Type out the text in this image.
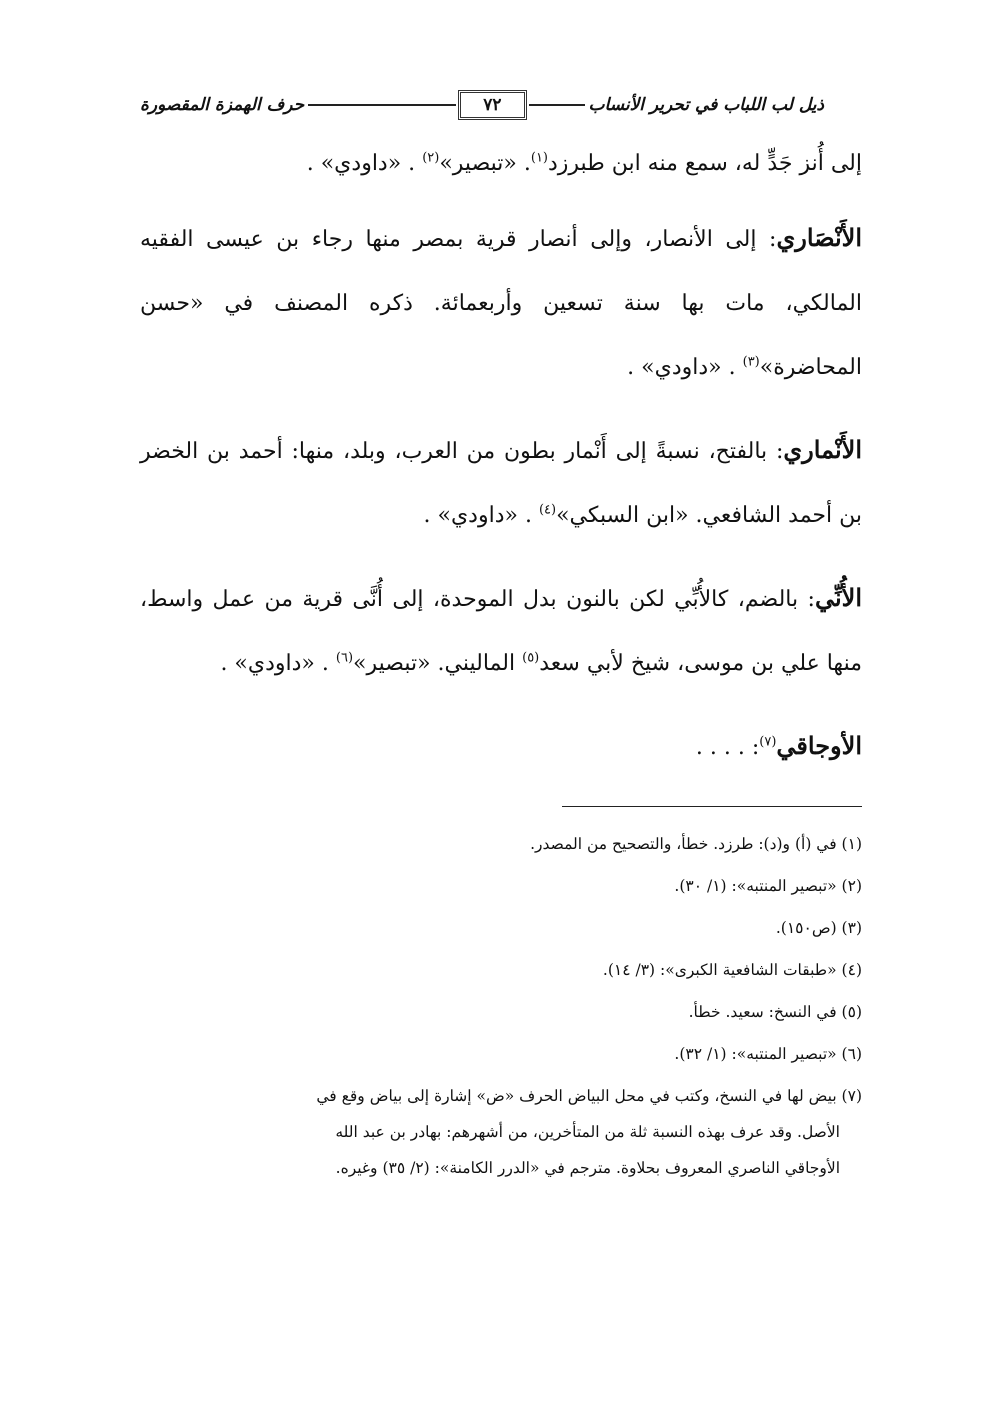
ذيل لب اللباب في تحرير الأنساب
٧٢
حرف الهمزة المقصورة

إلى أُنز جَدٍّ له، سمع منه ابن طبرزد$^{(١)}$. «تبصير»$^{(٢)}$ . «داودي» .

الأَنْصَاري: إلى الأنصار، وإلى أنصار قرية بمصر منها رجاء بن عيسى الفقيه المالكي، مات بها سنة تسعين وأربعمائة. ذكره المصنف في «حسن المحاضرة»$^{(٣)}$ . «داودي» .

الأَنْماري: بالفتح، نسبةً إلى أَنْمار بطون من العرب، وبلد، منها: أحمد بن الخضر بن أحمد الشافعي. «ابن السبكي»$^{(٤)}$ . «داودي» .

الأُنِّي: بالضم، كالأُبِّي لكن بالنون بدل الموحدة، إلى أُنَّى قرية من عمل واسط، منها علي بن موسى، شيخ لأبي سعد$^{(٥)}$ الماليني. «تبصير»$^{(٦)}$ . «داودي» .

الأوجاقي$^{(٧)}$: . . . .

(١) في (أ) و(د): طرزد. خطأ، والتصحيح من المصدر.

(٢) «تبصير المنتبه»: (١/ ٣٠).

(٣) (ص١٥٠).

(٤) «طبقات الشافعية الكبرى»: (٣/ ١٤).

(٥) في النسخ: سعيد. خطأ.

(٦) «تبصير المنتبه»: (١/ ٣٢).

(٧) بيض لها في النسخ، وكتب في محل البياض الحرف «ض» إشارة إلى بياض وقع في
الأصل. وقد عرف بهذه النسبة ثلة من المتأخرين، من أشهرهم: بهادر بن عبد الله
الأوجاقي الناصري المعروف بحلاوة. مترجم في «الدرر الكامنة»: (٢/ ٣٥) وغيره.
